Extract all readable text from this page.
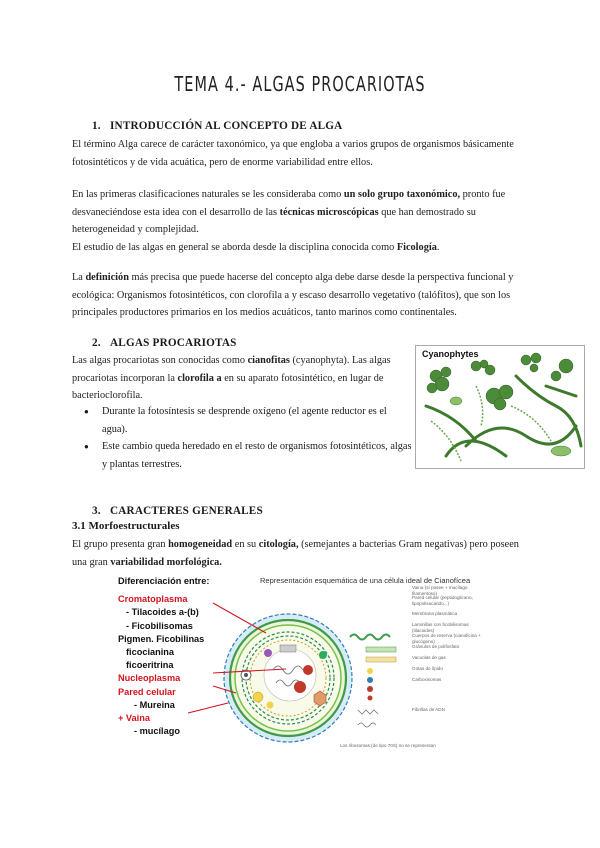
TEMA 4.- ALGAS PROCARIOTAS
1. INTRODUCCIÓN AL CONCEPTO DE ALGA
El término Alga carece de carácter taxonómico, ya que engloba a varios grupos de organismos básicamente fotosintéticos y de vida acuática, pero de enorme variabilidad entre ellos.
En las primeras clasificaciones naturales se les consideraba como un solo grupo taxonómico, pronto fue desvaneciéndose esta idea con el desarrollo de las técnicas microscópicas que han demostrado su heterogeneidad y complejidad.
El estudio de las algas en general se aborda desde la disciplina conocida como Ficología.
La definición más precisa que puede hacerse del concepto alga debe darse desde la perspectiva funcional y ecológica: Organismos fotosintéticos, con clorofila a y escaso desarrollo vegetativo (talófitos), que son los principales productores primarios en los medios acuáticos, tanto marinos como continentales.
2. ALGAS PROCARIOTAS
Las algas procariotas son conocidas como cianofitas (cyanophyta). Las algas procariotas incorporan la clorofila a en su aparato fotosintético, en lugar de bacterioclorofila.
● Durante la fotosíntesis se desprende oxígeno (el agente reductor es el agua).
● Este cambio queda heredado en el resto de organismos fotosintéticos, algas y plantas terrestres.
Cyanophytes
3. CARACTERES GENERALES
3.1 Morfoestructurales
El grupo presenta gran homogeneidad en su citología, (semejantes a bacterias Gram negativas) pero poseen una gran variabilidad morfológica.
Diferenciación entre:
Cromatoplasma
- Tilacoides a-(b)
- Ficobilisomas
Pigmen. Ficobilinas
ficocianina
ficoeritrina
Nucleoplasma
Pared celular
- Mureina
+ Vaina
- mucílago
Representación esquemática de una célula ideal de Cianofícea
Vaina (sí posee + mucílago filamentoso)
Pared celular (peptidoglicano, lipopolisacárido...)
Membrana plasmática
Laminillas con ficobilisomas (tilacoides)
Cuerpos de reserva (cianoficina + glucógeno)
Gránulos de polifosfato
Vacuolas de gas
Gotas de lípido
Carboxisomas
Fibrillas de ADN
Los ribosomas (de tipo 70S) no se representan
